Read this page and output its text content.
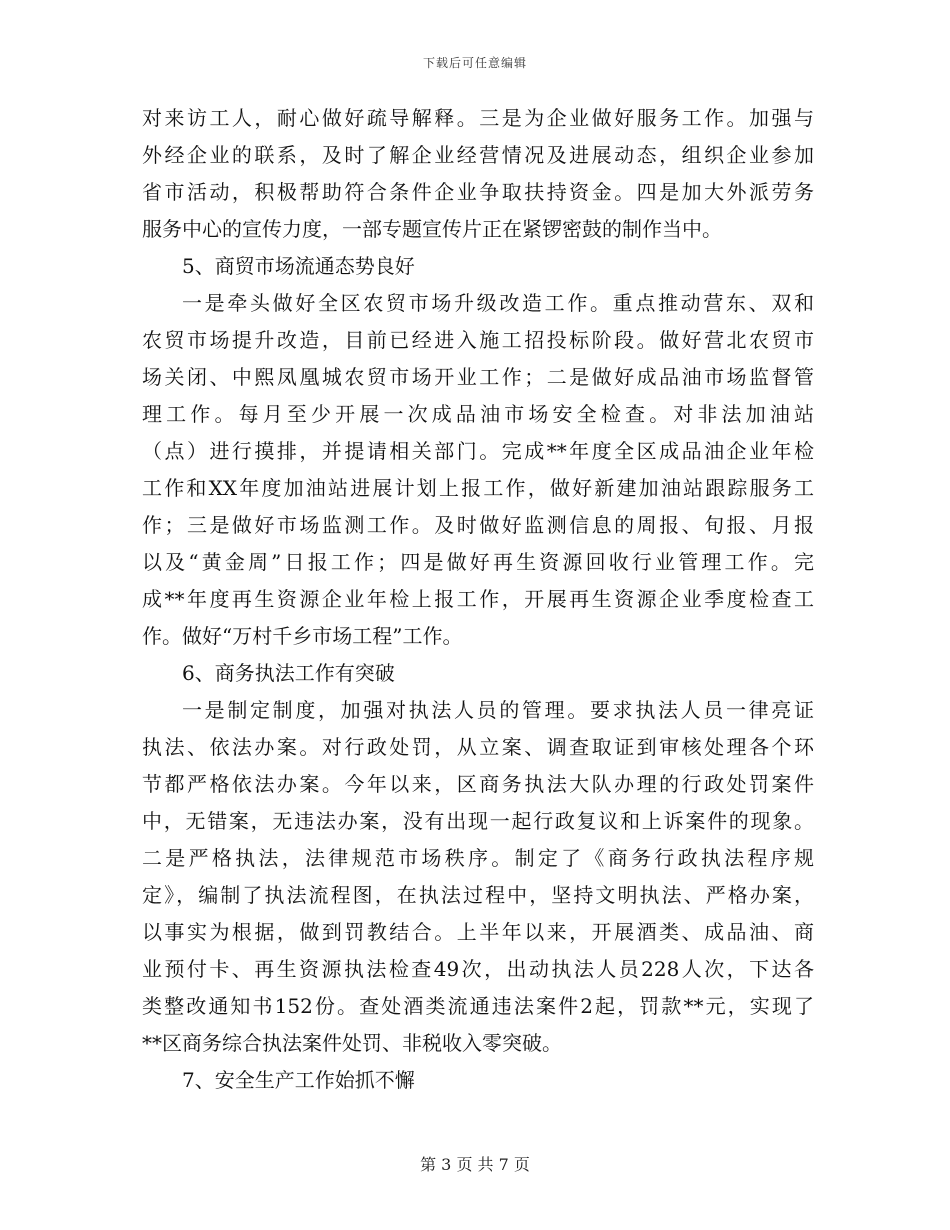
下载后可任意编辑
对来访工人，耐心做好疏导解释。三是为企业做好服务工作。加强与
外经企业的联系，及时了解企业经营情况及进展动态，组织企业参加
省市活动，积极帮助符合条件企业争取扶持资金。四是加大外派劳务
服务中心的宣传力度，一部专题宣传片正在紧锣密鼓的制作当中。
5、商贸市场流通态势良好
一是牵头做好全区农贸市场升级改造工作。重点推动营东、双和
农贸市场提升改造，目前已经进入施工招投标阶段。做好营北农贸市
场关闭、中熙凤凰城农贸市场开业工作；二是做好成品油市场监督管
理工作。每月至少开展一次成品油市场安全检查。对非法加油站
（点）进行摸排，并提请相关部门。完成**年度全区成品油企业年检
工作和XX年度加油站进展计划上报工作，做好新建加油站跟踪服务工
作；三是做好市场监测工作。及时做好监测信息的周报、旬报、月报
以及“黄金周”日报工作；四是做好再生资源回收行业管理工作。完
成**年度再生资源企业年检上报工作，开展再生资源企业季度检查工
作。做好“万村千乡市场工程”工作。
6、商务执法工作有突破
一是制定制度，加强对执法人员的管理。要求执法人员一律亮证
执法、依法办案。对行政处罚，从立案、调查取证到审核处理各个环
节都严格依法办案。今年以来，区商务执法大队办理的行政处罚案件
中，无错案，无违法办案，没有出现一起行政复议和上诉案件的现象。
二是严格执法，法律规范市场秩序。制定了《商务行政执法程序规
定》，编制了执法流程图，在执法过程中，坚持文明执法、严格办案，
以事实为根据，做到罚教结合。上半年以来，开展酒类、成品油、商
业预付卡、再生资源执法检查49次，出动执法人员228人次，下达各
类整改通知书152份。查处酒类流通违法案件2起，罚款**元，实现了
**区商务综合执法案件处罚、非税收入零突破。
7、安全生产工作始抓不懈
第 3 页 共 7 页
